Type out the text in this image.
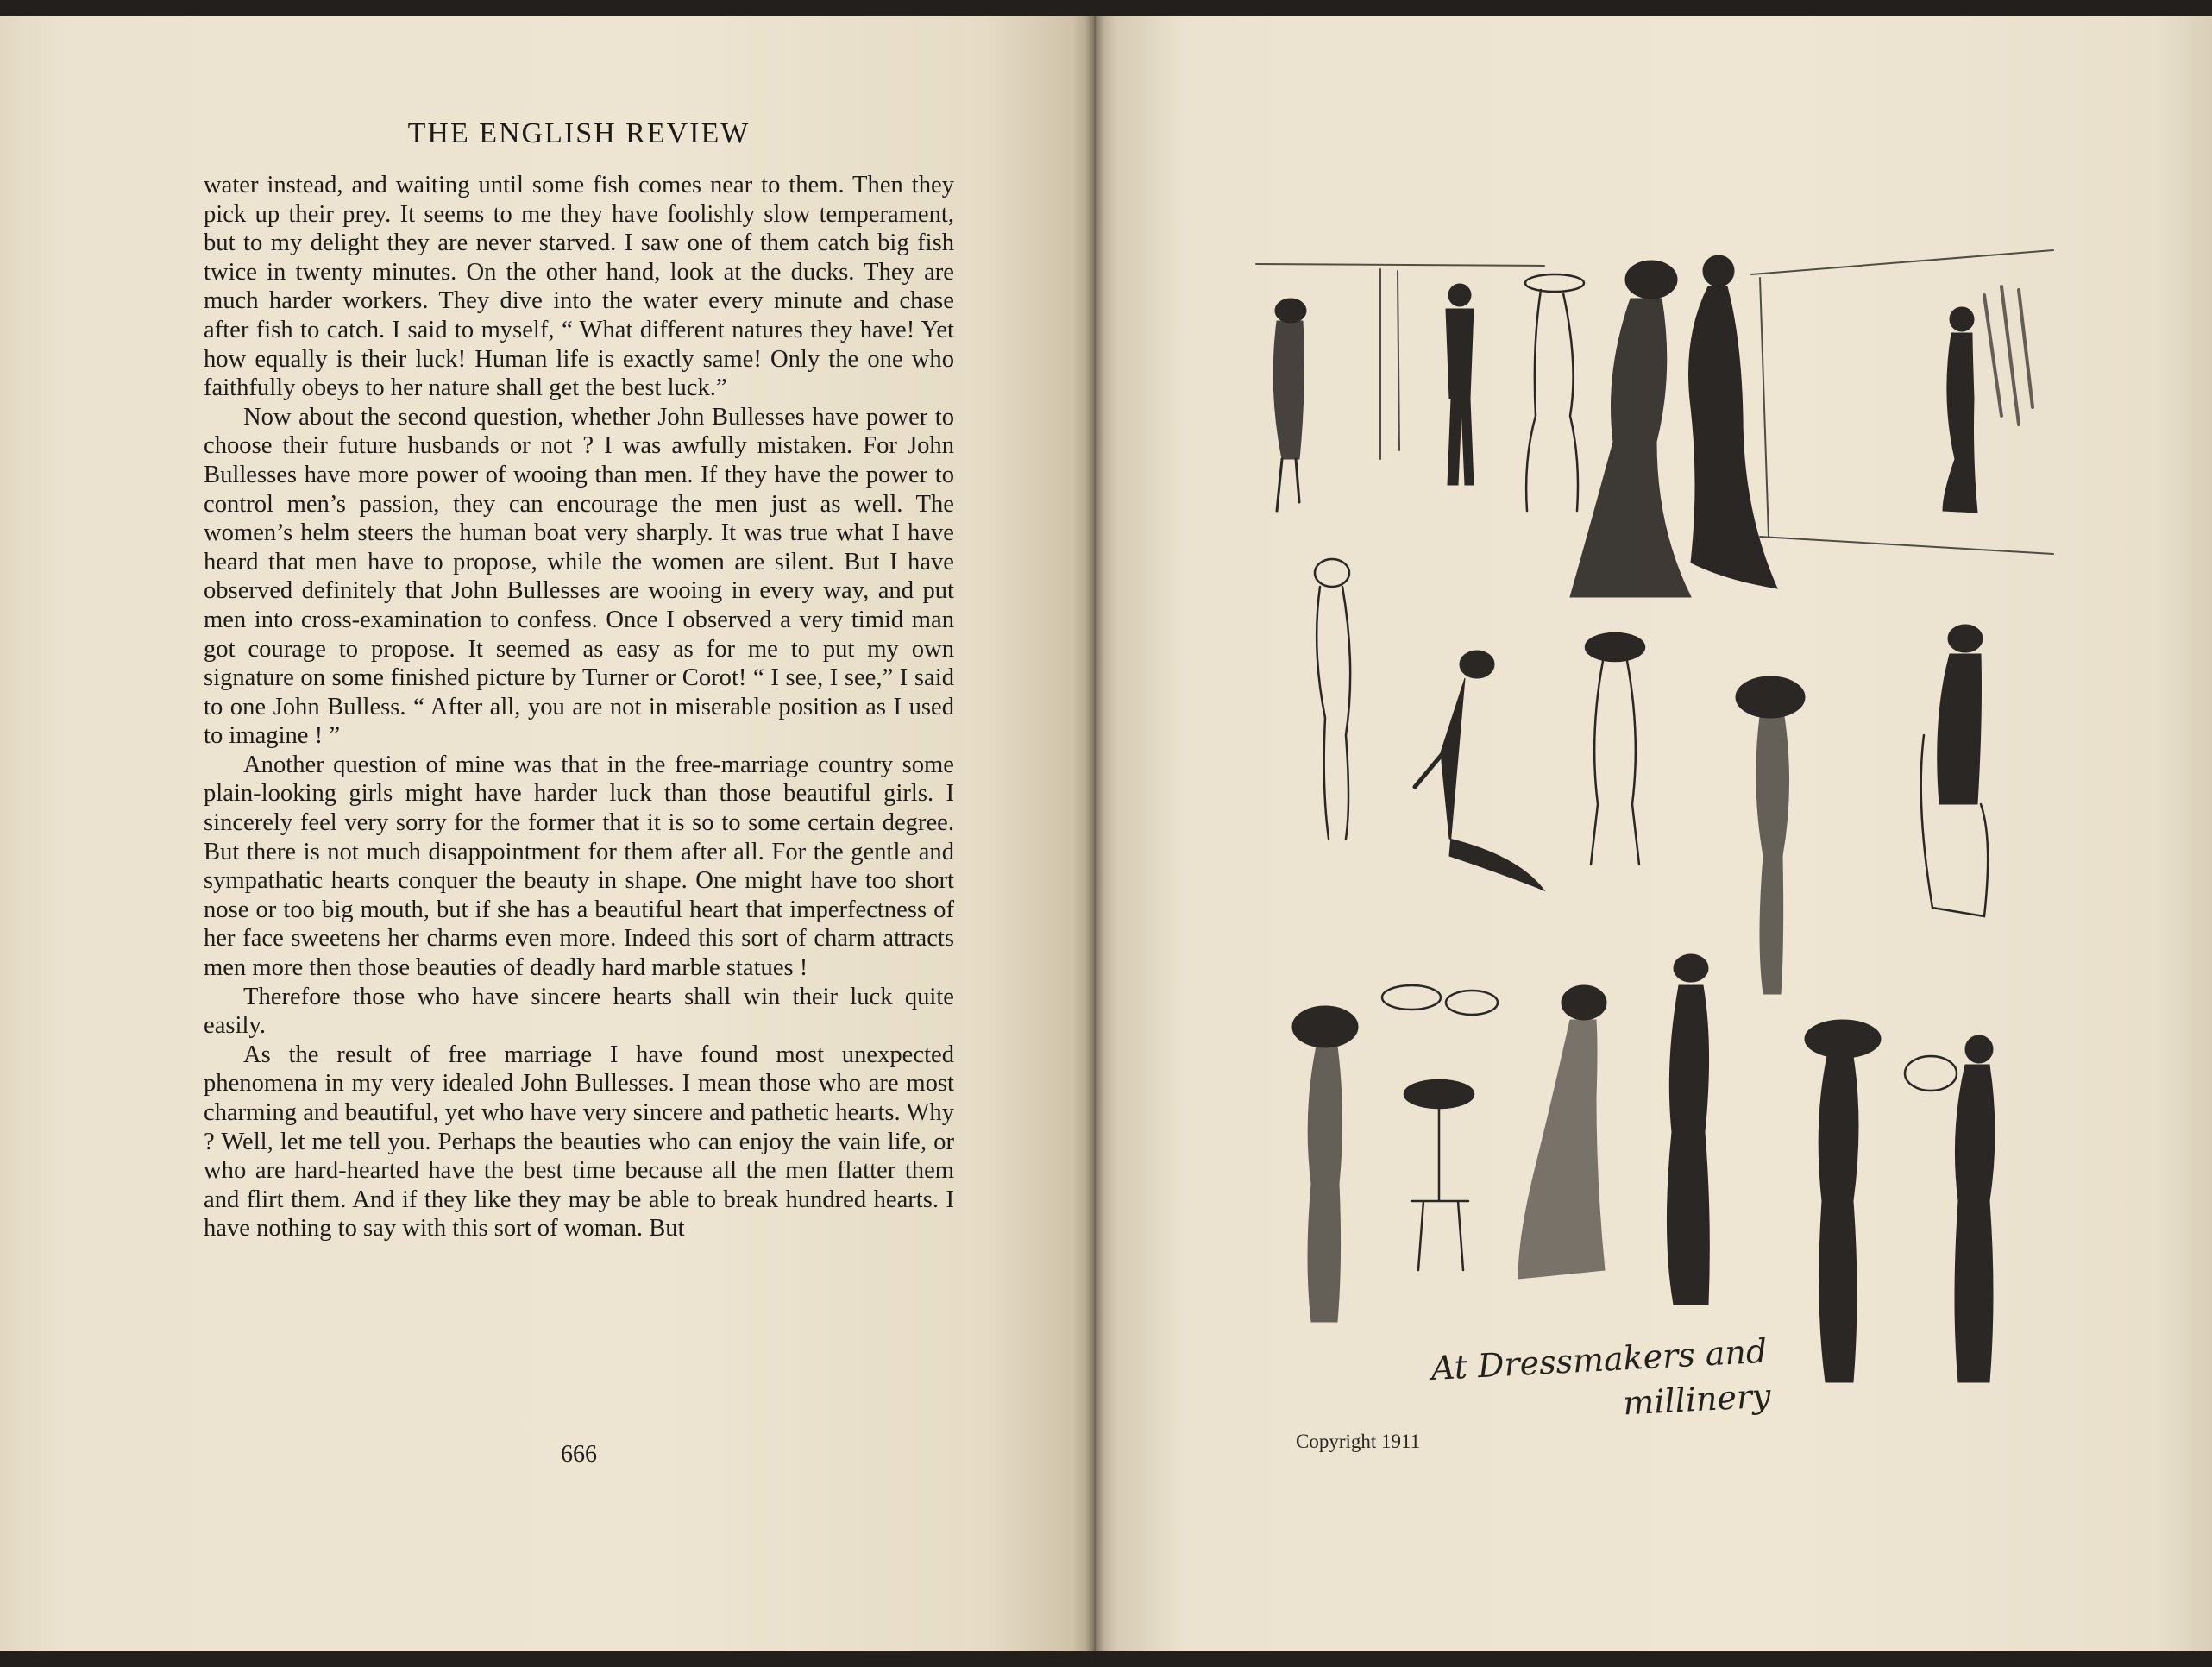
THE ENGLISH REVIEW

water instead, and waiting until some fish comes near to them. Then they pick up their prey. It seems to me they have foolishly slow temperament, but to my delight they are never starved. I saw one of them catch big fish twice in twenty minutes. On the other hand, look at the ducks. They are much harder workers. They dive into the water every minute and chase after fish to catch. I said to myself, “ What different natures they have! Yet how equally is their luck! Human life is exactly same! Only the one who faithfully obeys to her nature shall get the best luck.”

Now about the second question, whether John Bullesses have power to choose their future husbands or not ? I was awfully mistaken. For John Bullesses have more power of wooing than men. If they have the power to control men’s passion, they can encourage the men just as well. The women’s helm steers the human boat very sharply. It was true what I have heard that men have to propose, while the women are silent. But I have observed definitely that John Bullesses are wooing in every way, and put men into cross-examination to confess. Once I observed a very timid man got courage to propose. It seemed as easy as for me to put my own signature on some finished picture by Turner or Corot! “ I see, I see,” I said to one John Bulless. “ After all, you are not in miserable position as I used to imagine ! ”

Another question of mine was that in the free-marriage country some plain-looking girls might have harder luck than those beautiful girls. I sincerely feel very sorry for the former that it is so to some certain degree. But there is not much disappointment for them after all. For the gentle and sympathatic hearts conquer the beauty in shape. One might have too short nose or too big mouth, but if she has a beautiful heart that imperfectness of her face sweetens her charms even more. Indeed this sort of charm attracts men more then those beauties of deadly hard marble statues !

Therefore those who have sincere hearts shall win their luck quite easily.

As the result of free marriage I have found most unexpected phenomena in my very idealed John Bullesses. I mean those who are most charming and beautiful, yet who have very sincere and pathetic hearts. Why ? Well, let me tell you. Perhaps the beauties who can enjoy the vain life, or who are hard-hearted have the best time because all the men flatter them and flirt them. And if they like they may be able to break hundred hearts. I have nothing to say with this sort of woman. But

666
At Dressmakers and
millinery
Copyright 1911
